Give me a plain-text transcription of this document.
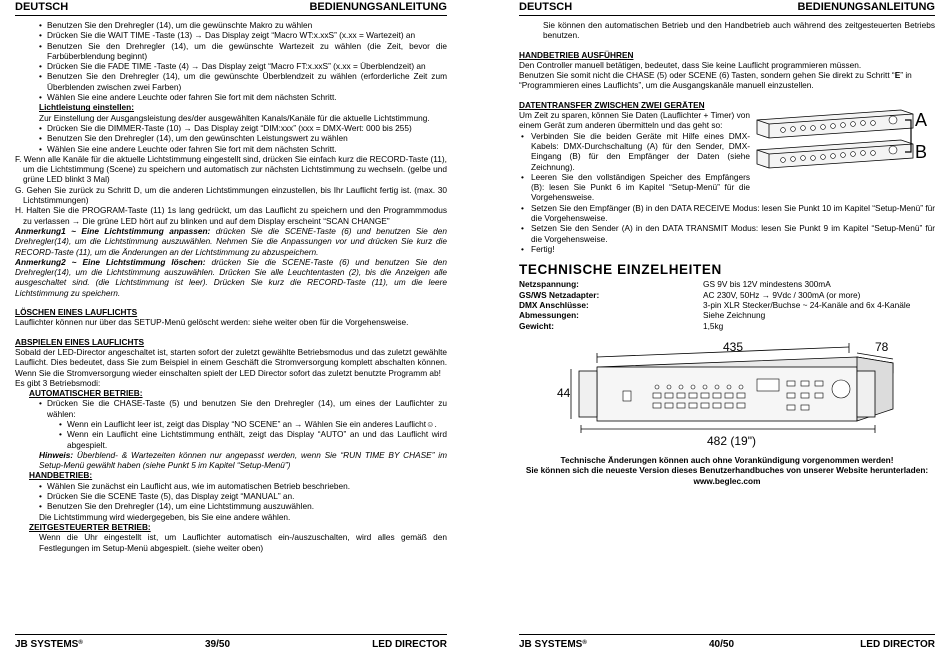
DEUTSCH	BEDIENUNGSANLEITUNG

• Benutzen Sie den Drehregler (14), um die gewünschte Makro zu wählen

• Drücken Sie die WAIT TIME -Taste (13) → Das Display zeigt “Macro WT:x.xxS” (x.xx = Wartezeit) an

• Benutzen Sie den Drehregler (14), um die gewünschte Wartezeit zu wählen (die Zeit, bevor die Farbüberblendung beginnt)

• Drücken Sie die FADE TIME -Taste (4) → Das Display zeigt “Macro FT:x.xxS” (x.xx = Überblendzeit) an

• Benutzen Sie den Drehregler (14), um die gewünschte Überblendzeit zu wählen (erforderliche Zeit zum Überblenden zwischen zwei Farben)

• Wählen Sie eine andere Leuchte oder fahren Sie fort mit dem nächsten Schritt.

Lichtleistung einstellen:

Zur Einstellung der Ausgangsleistung des/der ausgewählten Kanals/Kanäle für die aktuelle Lichtstimmung.

• Drücken Sie die DIMMER-Taste (10) → Das Display zeigt “DIM:xxx” (xxx = DMX-Wert: 000 bis 255)

• Benutzen Sie den Drehregler (14), um den gewünschten Leistungswert zu wählen

• Wählen Sie eine andere Leuchte oder fahren Sie fort mit dem nächsten Schritt.

F. Wenn alle Kanäle für die aktuelle Lichtstimmung eingestellt sind, drücken Sie einfach kurz die RECORD-Taste (11), um die Lichtstimmung (Scene) zu speichern und automatisch zur nächsten Lichtstimmung zu wechseln. (gelbe und grüne LED blinkt 3 Mal)

G. Gehen Sie zurück zu Schritt D, um die anderen Lichtstimmungen einzustellen, bis Ihr Lauflicht fertig ist. (max. 30 Lichtstimmungen)

H. Halten Sie die PROGRAM-Taste (11) 1s lang gedrückt, um das Lauflicht zu speichern und den Programmmodus zu verlassen → Die grüne LED hört auf zu blinken und auf dem Display erscheint “SCAN CHANGE”

Anmerkung1 ~ Eine Lichtstimmung anpassen: drücken Sie die SCENE-Taste (6) und benutzen Sie den Drehregler(14), um die Lichtstimmung auszuwählen. Nehmen Sie die Anpassungen vor und drücken Sie kurz die RECORD-Taste (11), um die Änderungen an der Lichtstimmung zu abzuspeichern.

Anmerkung2 ~ Eine Lichtstimmung löschen: drücken Sie die SCENE-Taste (6) und benutzen Sie den Drehregler(14), um die Lichtstimmung auszuwählen. Drücken Sie alle Leuchtentasten (2), bis die Anzeigen alle ausgeschaltet sind. (die Lichtstimmung ist leer). Drücken Sie kurz die RECORD-Taste (11), um die leere Lichtstimmung zu speichern.

LÖSCHEN EINES LAUFLICHTS

Lauflichter können nur über das SETUP-Menü gelöscht werden: siehe weiter oben für die Vorgehensweise.

ABSPIELEN EINES LAUFLICHTS

Sobald der LED-Director angeschaltet ist, starten sofort der zuletzt gewählte Betriebsmodus und das zuletzt gewählte Lauflicht. Dies bedeutet, dass Sie zum Beispiel in einem Geschäft die Stromversorgung komplett abschalten können. Wenn Sie die Stromversorgung wieder einschalten spielt der LED Director sofort das zuletzt benutzte Programm ab!

Es gibt 3 Betriebsmodi:

AUTOMATISCHER BETRIEB:

• Drücken Sie die CHASE-Taste (5) und benutzen Sie den Drehregler (14), um eines der Lauflichter zu wählen:

• Wenn ein Lauflicht leer ist, zeigt das Display “NO SCENE” an → Wählen Sie ein anderes Lauflicht☺.

• Wenn ein Lauflicht eine Lichtstimmung enthält, zeigt das Display “AUTO” an und das Lauflicht wird abgespielt.

Hinweis: Überblend- & Wartezeiten können nur angepasst werden, wenn Sie “RUN TIME BY CHASE” im Setup-Menü gewählt haben (siehe Punkt 5 im Kapitel “Setup-Menü”)

HANDBETRIEB:

• Wählen Sie zunächst ein Lauflicht aus, wie im automatischen Betrieb beschrieben.

• Drücken Sie die SCENE Taste (5), das Display zeigt “MANUAL” an.

• Benutzen Sie den Drehregler (14), um eine Lichtstimmung auszuwählen.

Die Lichtstimmung wird wiedergegeben, bis Sie eine andere wählen.

ZEITGESTEUERTER BETRIEB:

Wenn die Uhr eingestellt ist, um Lauflichter automatisch ein-/auszuschalten, wird alles gemäß den Festlegungen im Setup-Menü abgespielt. (siehe weiter oben)

JB SYSTEMS®	39/50	LED DIRECTOR
DEUTSCH	BEDIENUNGSANLEITUNG

Sie können den automatischen Betrieb und den Handbetrieb auch während des zeitgesteuerten Betriebs benutzen.

HANDBETRIEB AUSFÜHREN

Den Controller manuell betätigen, bedeutet, dass Sie keine Lauflicht programmieren müssen.

Benutzen Sie somit nicht die CHASE (5) oder SCENE (6) Tasten, sondern gehen Sie direkt zu Schritt “E” in “Programmieren eines Lauflichts”, um die Ausgangskanäle manuell einzustellen.

DATENTRANSFER ZWISCHEN ZWEI GERÄTEN

Um Zeit zu sparen, können Sie Daten (Lauflichter + Timer) von einem Gerät zum anderen übermitteln und das geht so:

• Verbinden Sie die beiden Geräte mit Hilfe eines DMX-Kabels: DMX-Durchschaltung (A) für den Sender, DMX-Eingang (B) für den Empfänger der Daten (siehe Zeichnung).

• Leeren Sie den vollständigen Speicher des Empfängers (B): lesen Sie Punkt 6 im Kapitel “Setup-Menü” für die Vorgehensweise.

• Setzen Sie den Empfänger (B) in den DATA RECEIVE Modus: lesen Sie Punkt 10 im Kapitel “Setup-Menü” für die Vorgehensweise.

• Setzen Sie den Sender (A) in den DATA TRANSMIT Modus: lesen Sie Punkt 9 im Kapitel “Setup-Menü” für die Vorgehensweise.

• Fertig!

A
B

TECHNISCHE EINZELHEITEN

Netzspannung:	GS 9V bis 12V mindestens 300mA
GS/WS Netzadapter:	AC 230V, 50Hz → 9Vdc / 300mA (or more)
DMX Anschlüsse:	3-pin XLR Stecker/Buchse ~ 24-Kanäle and 6x 4-Kanäle
Abmessungen:	Siehe Zeichnung
Gewicht:	1,5kg
435	78
44
482 (19")

Technische Änderungen können auch ohne Vorankündigung vorgenommen werden!

Sie können sich die neueste Version dieses Benutzerhandbuches von unserer Website herunterladen: www.beglec.com

JB SYSTEMS®	40/50	LED DIRECTOR
